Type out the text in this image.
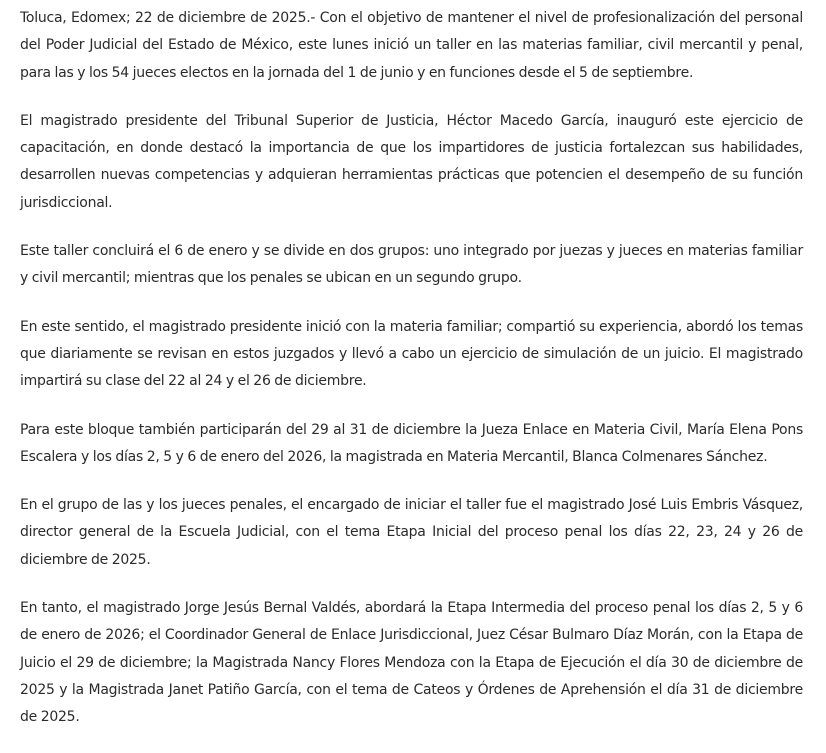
Toluca, Edomex; 22 de diciembre de 2025.- Con el objetivo de mantener el nivel de profesionalización del personal del Poder Judicial del Estado de México, este lunes inició un taller en las materias familiar, civil mercantil y penal, para las y los 54 jueces electos en la jornada del 1 de junio y en funciones desde el 5 de septiembre.

El magistrado presidente del Tribunal Superior de Justicia, Héctor Macedo García, inauguró este ejercicio de capacitación, en donde destacó la importancia de que los impartidores de justicia fortalezcan sus habilidades, desarrollen nuevas competencias y adquieran herramientas prácticas que potencien el desempeño de su función jurisdiccional.

Este taller concluirá el 6 de enero y se divide en dos grupos: uno integrado por juezas y jueces en materias familiar y civil mercantil; mientras que los penales se ubican en un segundo grupo.

En este sentido, el magistrado presidente inició con la materia familiar; compartió su experiencia, abordó los temas que diariamente se revisan en estos juzgados y llevó a cabo un ejercicio de simulación de un juicio. El magistrado impartirá su clase del 22 al 24 y el 26 de diciembre.

Para este bloque también participarán del 29 al 31 de diciembre la Jueza Enlace en Materia Civil, María Elena Pons Escalera y los días 2, 5 y 6 de enero del 2026, la magistrada en Materia Mercantil, Blanca Colmenares Sánchez.

En el grupo de las y los jueces penales, el encargado de iniciar el taller fue el magistrado José Luis Embris Vásquez, director general de la Escuela Judicial, con el tema Etapa Inicial del proceso penal los días 22, 23, 24 y 26 de diciembre de 2025.

En tanto, el magistrado Jorge Jesús Bernal Valdés, abordará la Etapa Intermedia del proceso penal los días 2, 5 y 6 de enero de 2026; el Coordinador General de Enlace Jurisdiccional, Juez César Bulmaro Díaz Morán, con la Etapa de Juicio el 29 de diciembre; la Magistrada Nancy Flores Mendoza con la Etapa de Ejecución el día 30 de diciembre de 2025 y la Magistrada Janet Patiño García, con el tema de Cateos y Órdenes de Aprehensión el día 31 de diciembre de 2025.
